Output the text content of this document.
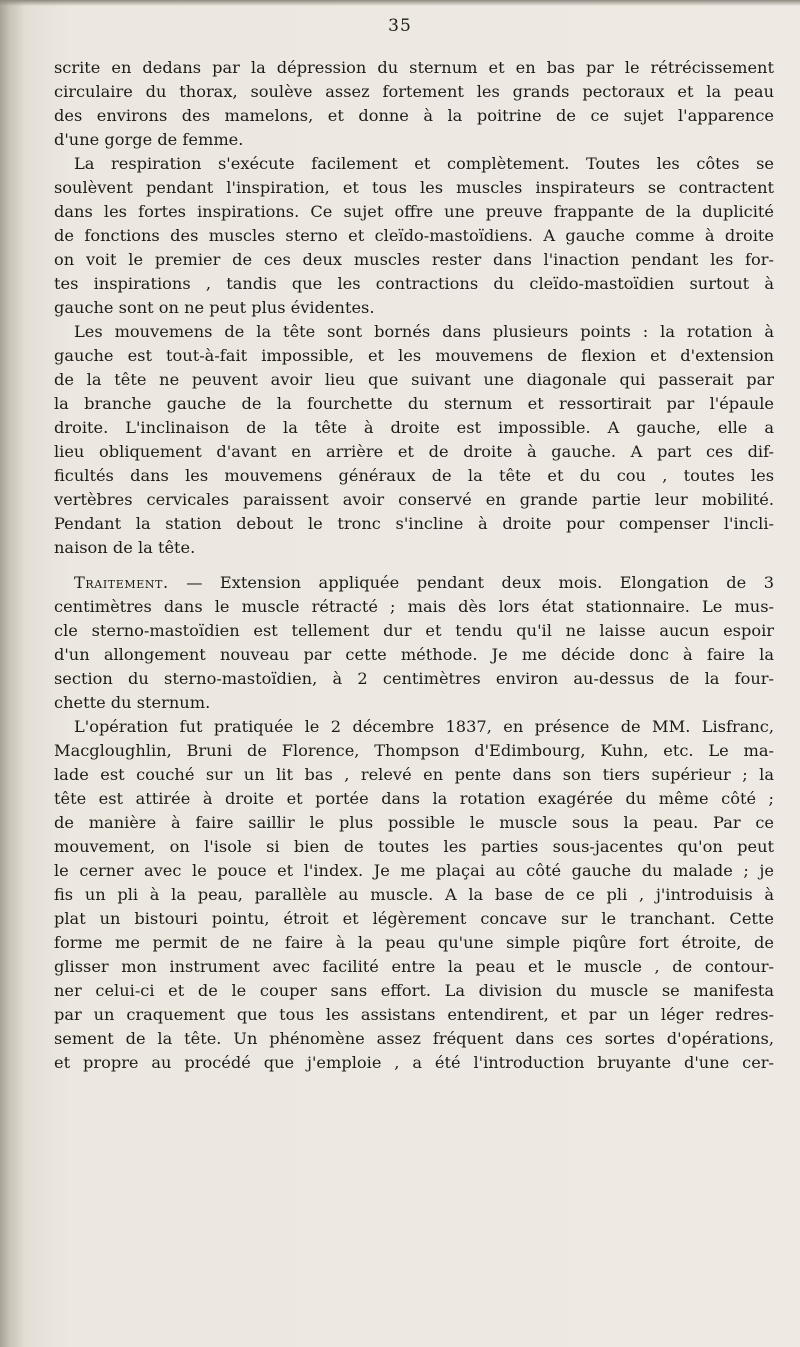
35
scrite en dedans par la dépression du sternum et en bas par le rétrécissement
circulaire du thorax, soulève assez fortement les grands pectoraux et la peau
des environs des mamelons, et donne à la poitrine de ce sujet l'apparence
d'une gorge de femme.
La respiration s'exécute facilement et complètement. Toutes les côtes se
soulèvent pendant l'inspiration, et tous les muscles inspirateurs se contractent
dans les fortes inspirations. Ce sujet offre une preuve frappante de la duplicité
de fonctions des muscles sterno et cleïdo-mastoïdiens. A gauche comme à droite
on voit le premier de ces deux muscles rester dans l'inaction pendant les for-
tes inspirations , tandis que les contractions du cleïdo-mastoïdien surtout à
gauche sont on ne peut plus évidentes.
Les mouvemens de la tête sont bornés dans plusieurs points : la rotation à
gauche est tout-à-fait impossible, et les mouvemens de flexion et d'extension
de la tête ne peuvent avoir lieu que suivant une diagonale qui passerait par
la branche gauche de la fourchette du sternum et ressortirait par l'épaule
droite. L'inclinaison de la tête à droite est impossible. A gauche, elle a
lieu obliquement d'avant en arrière et de droite à gauche. A part ces dif-
ficultés dans les mouvemens généraux de la tête et du cou , toutes les
vertèbres cervicales paraissent avoir conservé en grande partie leur mobilité.
Pendant la station debout le tronc s'incline à droite pour compenser l'incli-
naison de la tête.
Traitement. — Extension appliquée pendant deux mois. Elongation de 3
centimètres dans le muscle rétracté ; mais dès lors état stationnaire. Le mus-
cle sterno-mastoïdien est tellement dur et tendu qu'il ne laisse aucun espoir
d'un allongement nouveau par cette méthode. Je me décide donc à faire la
section du sterno-mastoïdien, à 2 centimètres environ au-dessus de la four-
chette du sternum.
L'opération fut pratiquée le 2 décembre 1837, en présence de MM. Lisfranc,
Macgloughlin, Bruni de Florence, Thompson d'Edimbourg, Kuhn, etc. Le ma-
lade est couché sur un lit bas , relevé en pente dans son tiers supérieur ; la
tête est attirée à droite et portée dans la rotation exagérée du même côté ;
de manière à faire saillir le plus possible le muscle sous la peau. Par ce
mouvement, on l'isole si bien de toutes les parties sous-jacentes qu'on peut
le cerner avec le pouce et l'index. Je me plaçai au côté gauche du malade ; je
fis un pli à la peau, parallèle au muscle. A la base de ce pli , j'introduisis à
plat un bistouri pointu, étroit et légèrement concave sur le tranchant. Cette
forme me permit de ne faire à la peau qu'une simple piqûre fort étroite, de
glisser mon instrument avec facilité entre la peau et le muscle , de contour-
ner celui-ci et de le couper sans effort. La division du muscle se manifesta
par un craquement que tous les assistans entendirent, et par un léger redres-
sement de la tête. Un phénomène assez fréquent dans ces sortes d'opérations,
et propre au procédé que j'emploie , a été l'introduction bruyante d'une cer-
